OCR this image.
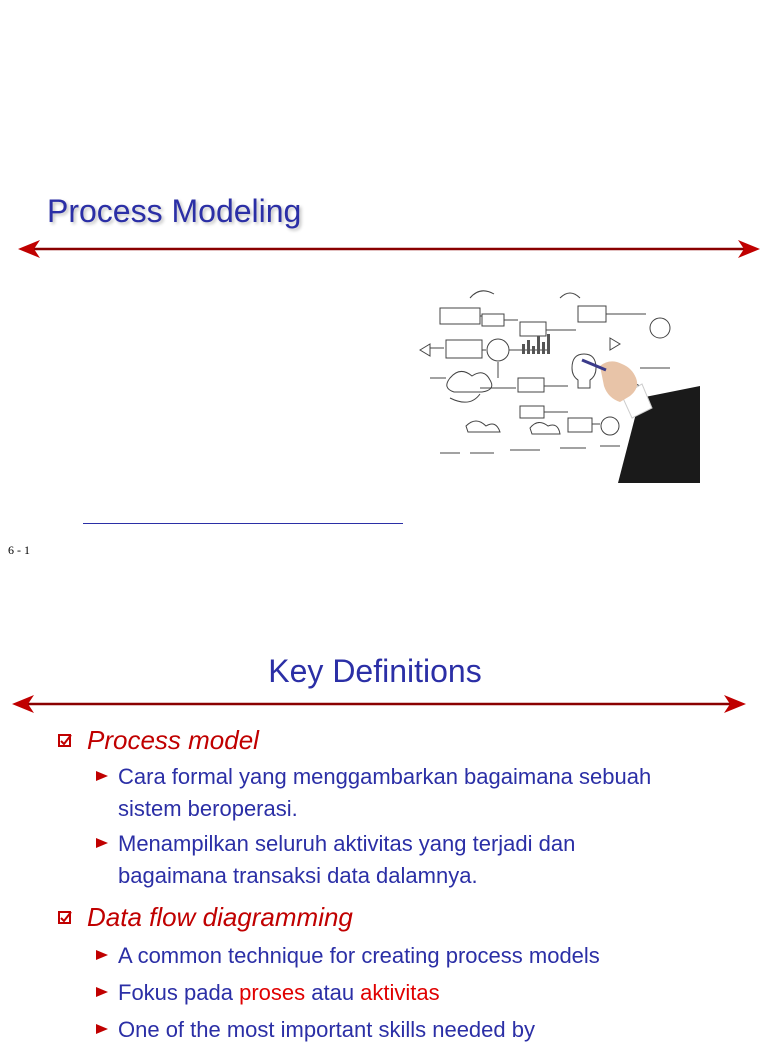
Process Modeling
6 - 1
Key Definitions
Process model
Cara formal yang menggambarkan bagaimana sebuah sistem beroperasi.
Menampilkan seluruh aktivitas yang terjadi dan bagaimana transaksi data dalamnya.
Data flow diagramming
A common technique for creating process models
Fokus pada proses atau aktivitas
One of the most important skills needed by
